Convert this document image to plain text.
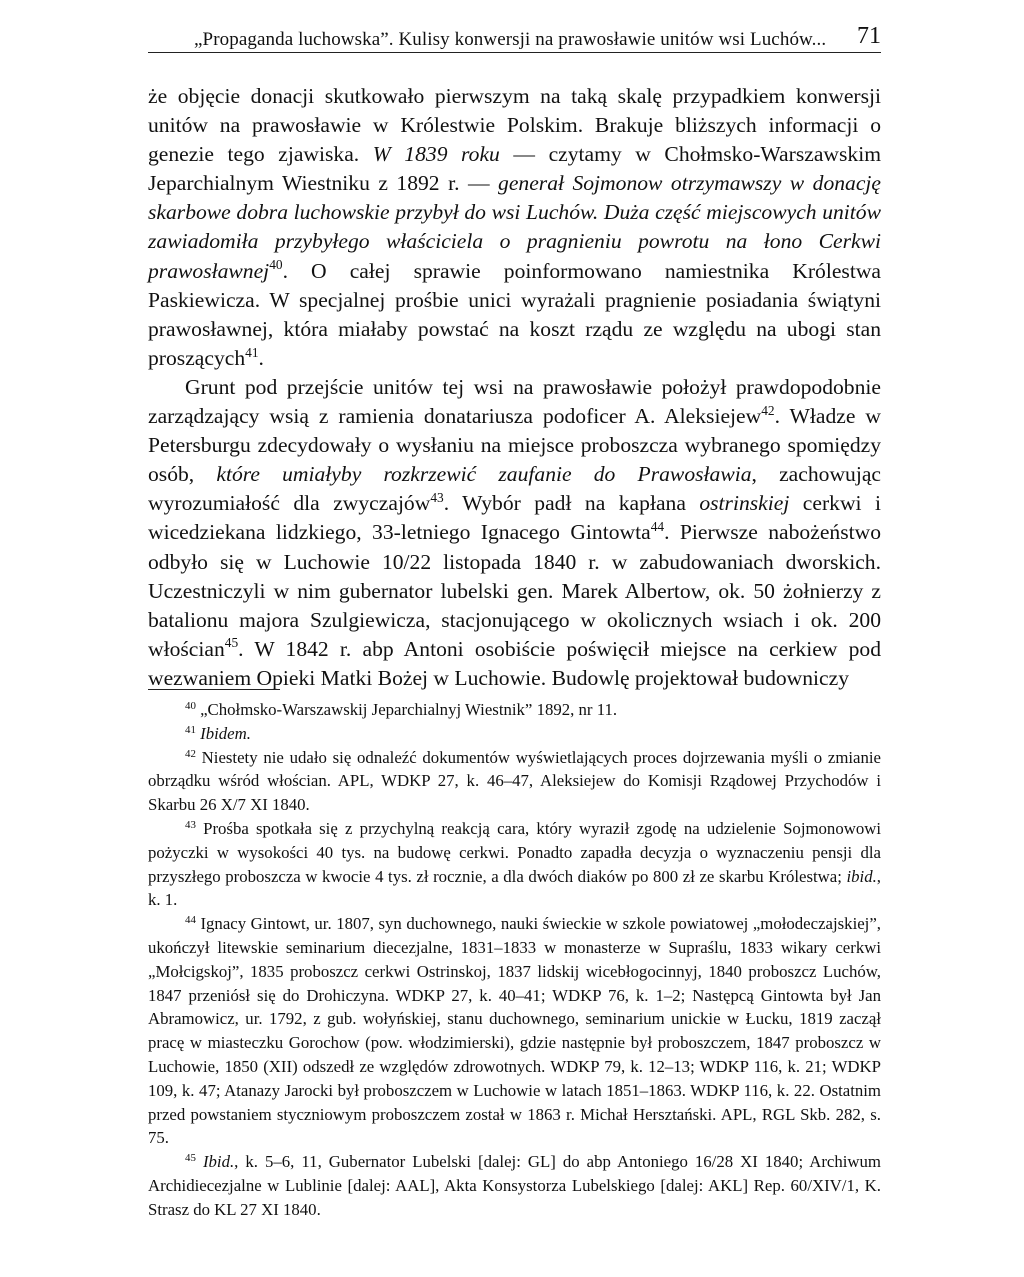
„Propaganda luchowska”. Kulisy konwersji na prawosławie unitów wsi Luchów... 71

że objęcie donacji skutkowało pierwszym na taką skalę przypadkiem konwersji unitów na prawosławie w Królestwie Polskim. Brakuje bliższych informacji o genezie tego zjawiska. W 1839 roku — czytamy w Chołmsko-Warszawskim Jeparchialnym Wiestniku z 1892 r. — generał Sojmonow otrzymawszy w donację skarbowe dobra luchowskie przybył do wsi Luchów. Duża część miejscowych unitów zawiadomiła przybyłego właściciela o pragnieniu powrotu na łono Cerkwi prawosławnej$^{40}$. O całej sprawie poinformowano namiestnika Królestwa Paskiewicza. W specjalnej prośbie unici wyrażali pragnienie posiadania świątyni prawosławnej, która miałaby powstać na koszt rządu ze względu na ubogi stan proszących$^{41}$.

Grunt pod przejście unitów tej wsi na prawosławie położył prawdopodobnie zarządzający wsią z ramienia donatariusza podoficer A. Aleksiejew$^{42}$. Władze w Petersburgu zdecydowały o wysłaniu na miejsce proboszcza wybranego spomiędzy osób, które umiałyby rozkrzewić zaufanie do Prawosławia, zachowując wyrozumiałość dla zwyczajów$^{43}$. Wybór padł na kapłana ostrinskiej cerkwi i wicedziekana lidzkiego, 33-letniego Ignacego Gintowta$^{44}$. Pierwsze nabożeństwo odbyło się w Luchowie 10/22 listopada 1840 r. w zabudowaniach dworskich. Uczestniczyli w nim gubernator lubelski gen. Marek Albertow, ok. 50 żołnierzy z batalionu majora Szulgiewicza, stacjonującego w okolicznych wsiach i ok. 200 włościan$^{45}$. W 1842 r. abp Antoni osobiście poświęcił miejsce na cerkiew pod wezwaniem Opieki Matki Bożej w Luchowie. Budowlę projektował budowniczy

$^{40}$ „Chołmsko-Warszawskij Jeparchialnyj Wiestnik” 1892, nr 11.

$^{41}$ Ibidem.

$^{42}$ Niestety nie udało się odnaleźć dokumentów wyświetlających proces dojrzewania myśli o zmianie obrządku wśród włościan. APL, WDKP 27, k. 46–47, Aleksiejew do Komisji Rządowej Przychodów i Skarbu 26 X/7 XI 1840.

$^{43}$ Prośba spotkała się z przychylną reakcją cara, który wyraził zgodę na udzielenie Sojmonowowi pożyczki w wysokości 40 tys. na budowę cerkwi. Ponadto zapadła decyzja o wyznaczeniu pensji dla przyszłego proboszcza w kwocie 4 tys. zł rocznie, a dla dwóch diaków po 800 zł ze skarbu Królestwa; ibid., k. 1.

$^{44}$ Ignacy Gintowt, ur. 1807, syn duchownego, nauki świeckie w szkole powiatowej „mołodeczajskiej”, ukończył litewskie seminarium diecezjalne, 1831–1833 w monasterze w Supraślu, 1833 wikary cerkwi „Mołcigskoj”, 1835 proboszcz cerkwi Ostrinskoj, 1837 lidskij wicebłogocinnyj, 1840 proboszcz Luchów, 1847 przeniósł się do Drohiczyna. WDKP 27, k. 40–41; WDKP 76, k. 1–2; Następcą Gintowta był Jan Abramowicz, ur. 1792, z gub. wołyńskiej, stanu duchownego, seminarium unickie w Łucku, 1819 zaczął pracę w miasteczku Gorochow (pow. włodzimierski), gdzie następnie był proboszczem, 1847 proboszcz w Luchowie, 1850 (XII) odszedł ze względów zdrowotnych. WDKP 79, k. 12–13; WDKP 116, k. 21; WDKP 109, k. 47; Atanazy Jarocki był proboszczem w Luchowie w latach 1851–1863. WDKP 116, k. 22. Ostatnim przed powstaniem styczniowym proboszczem został w 1863 r. Michał Hersztański. APL, RGL Skb. 282, s. 75.

$^{45}$ Ibid., k. 5–6, 11, Gubernator Lubelski [dalej: GL] do abp Antoniego 16/28 XI 1840; Archiwum Archidiecezjalne w Lublinie [dalej: AAL], Akta Konsystorza Lubelskiego [dalej: AKL] Rep. 60/XIV/1, K. Strasz do KL 27 XI 1840.
